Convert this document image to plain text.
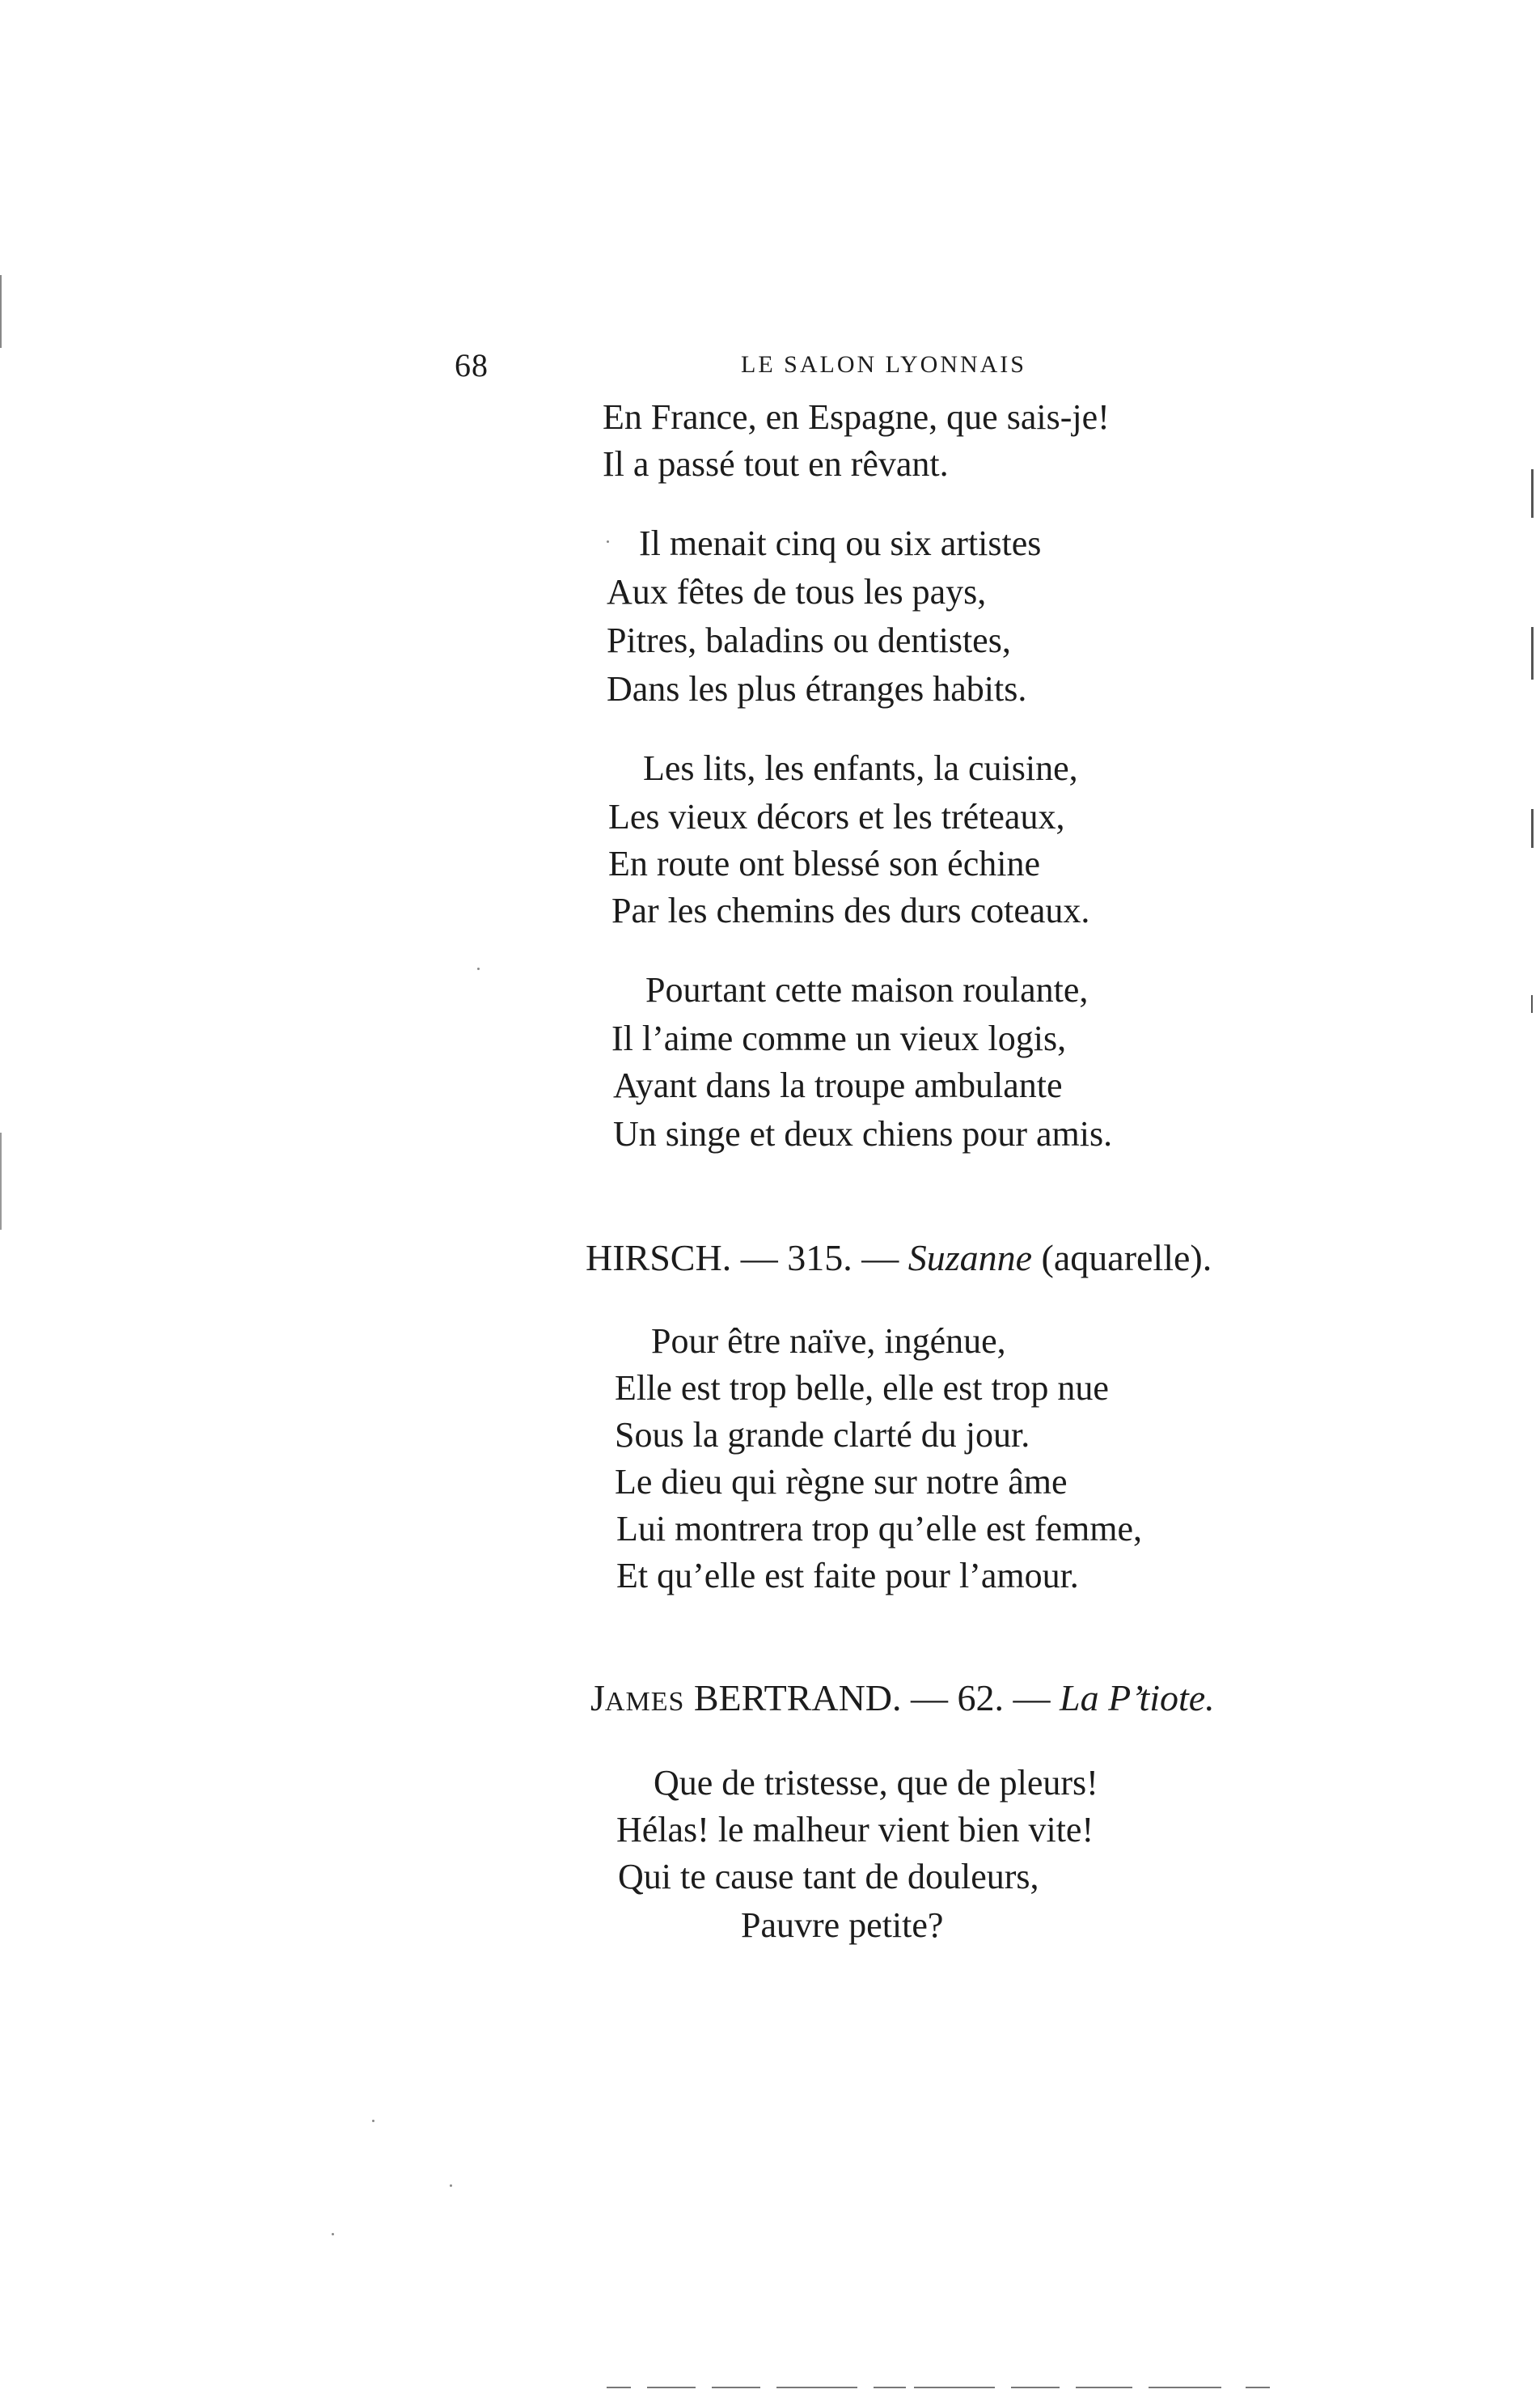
68	LE SALON LYONNAIS
En France, en Espagne, que sais-je!
Il a passé tout en rêvant.
Il menait cinq ou six artistes
Aux fêtes de tous les pays,
Pitres, baladins ou dentistes,
Dans les plus étranges habits.
Les lits, les enfants, la cuisine,
Les vieux décors et les tréteaux,
En route ont blessé son échine
Par les chemins des durs coteaux.
Pourtant cette maison roulante,
Il l’aime comme un vieux logis,
Ayant dans la troupe ambulante
Un singe et deux chiens pour amis.
HIRSCH. — 315. — Suzanne (aquarelle).
Pour être naïve, ingénue,
Elle est trop belle, elle est trop nue
Sous la grande clarté du jour.
Le dieu qui règne sur notre âme
Lui montrera trop qu’elle est femme,
Et qu’elle est faite pour l’amour.
JAMES BERTRAND. — 62. — La P’tiote.
Que de tristesse, que de pleurs!
Hélas! le malheur vient bien vite!
Qui te cause tant de douleurs,
Pauvre petite?
